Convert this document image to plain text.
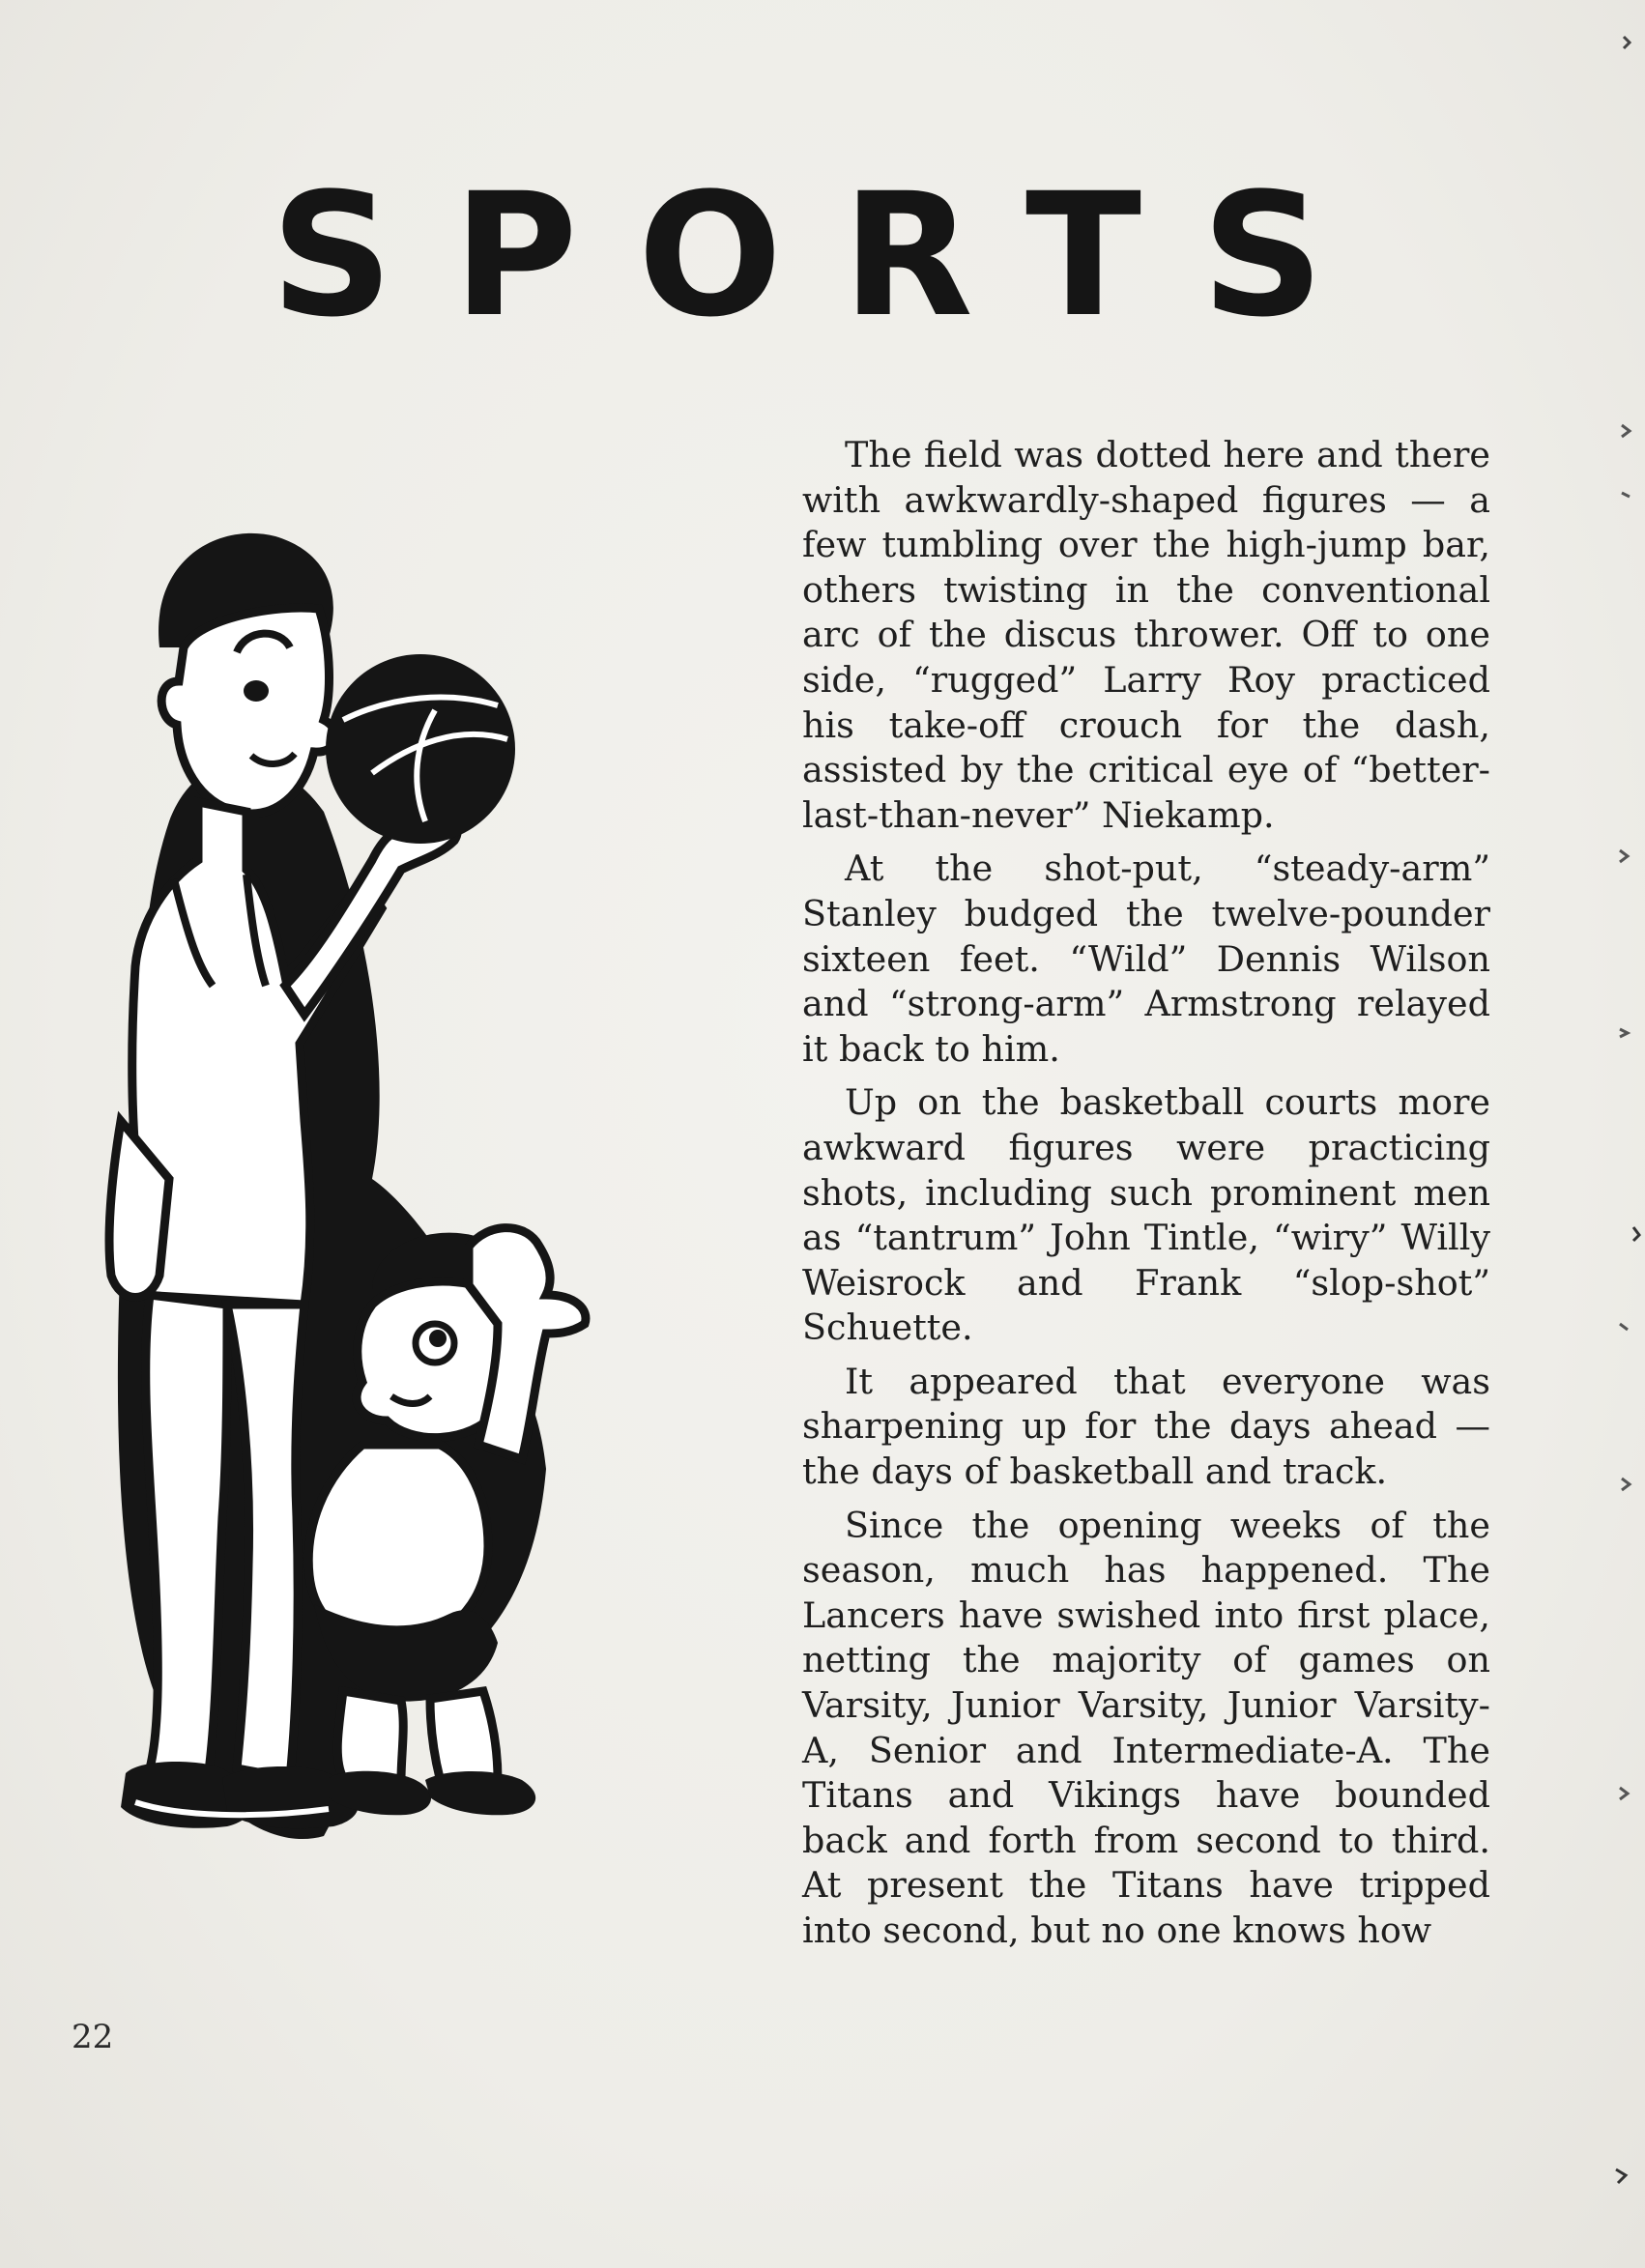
SPORTS

The field was dotted here and there with awkwardly-shaped figures — a few tumbling over the high-jump bar, others twisting in the conventional arc of the discus thrower. Off to one side, “rugged” Larry Roy practiced his take-off crouch for the dash, assisted by the critical eye of “better-last-than-never” Niekamp.

At the shot-put, “steady-arm” Stanley budged the twelve-pounder sixteen feet. “Wild” Dennis Wilson and “strong-arm” Armstrong relayed it back to him.

Up on the basketball courts more awkward figures were practicing shots, including such prominent men as “tantrum” John Tintle, “wiry” Willy Weisrock and Frank “slop-shot” Schuette.

It appeared that everyone was sharpening up for the days ahead — the days of basketball and track.

Since the opening weeks of the season, much has happened. The Lancers have swished into first place, netting the majority of games on Varsity, Junior Varsity, Junior Varsity-A, Senior and Intermediate-A. The Titans and Vikings have bounded back and forth from second to third. At present the Titans have tripped into second, but no one knows how

22
